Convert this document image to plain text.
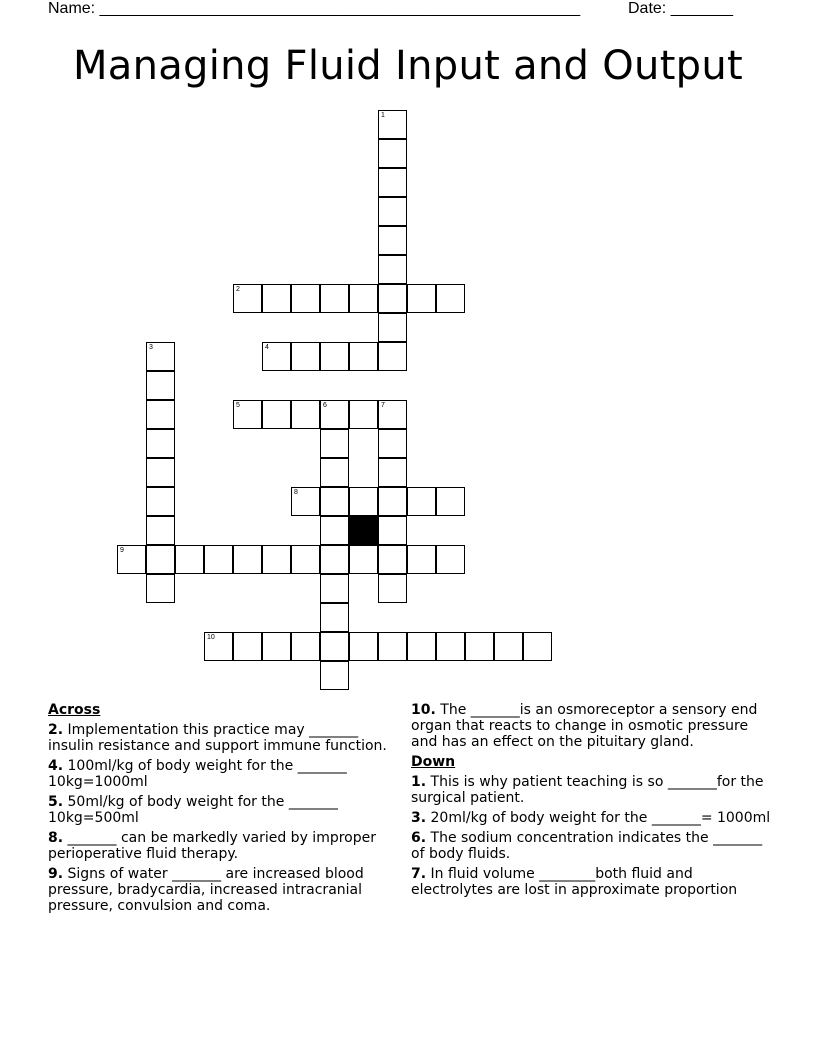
Name: ______________________________________________________	Date: _______
Managing Fluid Input and Output
1
2
3	4
5	6	7
8
9
10
Across
2. Implementation this practice may _______ insulin resistance and support immune function.
4. 100ml/kg of body weight for the _______ 10kg=1000ml
5. 50ml/kg of body weight for the _______ 10kg=500ml
8. _______ can be markedly varied by improper perioperative fluid therapy.
9. Signs of water _______ are increased blood pressure, bradycardia, increased intracranial pressure, convulsion and coma.
10. The _______is an osmoreceptor a sensory end organ that reacts to change in osmotic pressure and has an effect on the pituitary gland.
Down
1. This is why patient teaching is so _______for the surgical patient.
3. 20ml/kg of body weight for the _______= 1000ml
6. The sodium concentration indicates the _______ of body fluids.
7. In fluid volume ________both fluid and electrolytes are lost in approximate proportion
